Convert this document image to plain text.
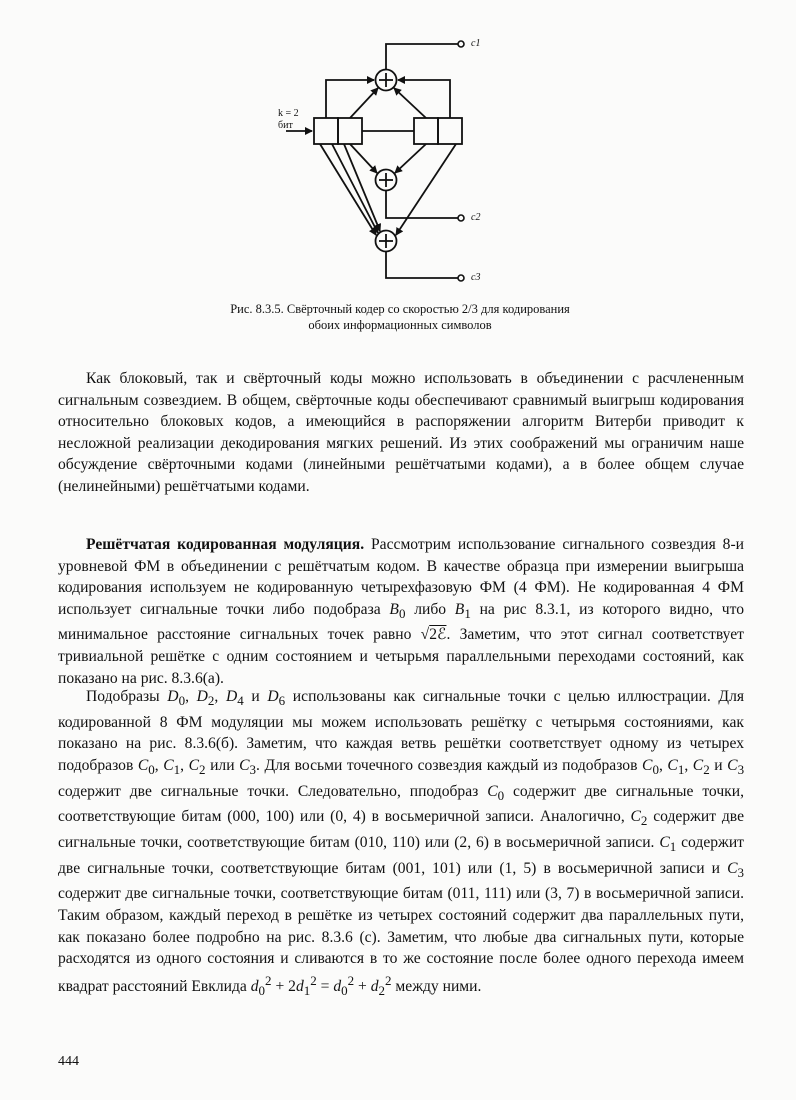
k = 2
бит
c1
c2
c3
Рис. 8.3.5. Свёрточный кодер со скоростью 2/3 для кодирования
обоих информационных символов

Как блоковый, так и свёрточный коды можно использовать в объединении с расчлененным сигнальным созвездием. В общем, свёрточные коды обеспечивают сравнимый выигрыш кодирования относительно блоковых кодов, а имеющийся в распоряжении алгоритм Витерби приводит к несложной реализации декодирования мягких решений. Из этих соображений мы ограничим наше обсуждение свёрточными кодами (линейными решётчатыми кодами), а в более общем случае (нелинейными) решётчатыми кодами.

Решётчатая кодированная модуляция. Рассмотрим использование сигнального созвездия 8-и уровневой ФМ в объединении с решётчатым кодом. В качестве образца при измерении выигрыша кодирования используем не кодированную четырехфазовую ФМ (4 ФМ). Не кодированная 4 ФМ использует сигнальные точки либо подобраза $B_0$ либо $B_1$ на рис 8.3.1, из которого видно, что минимальное расстояние сигнальных точек равно √2ℰ. Заметим, что этот сигнал соответствует тривиальной решётке с одним состоянием и четырьмя параллельными переходами состояний, как показано на рис. 8.3.6(а).

Подобразы $D_0$, $D_2$, $D_4$ и $D_6$ использованы как сигнальные точки с целью иллюстрации. Для кодированной 8 ФМ модуляции мы можем использовать решётку с четырьмя состояниями, как показано на рис. 8.3.6(б). Заметим, что каждая ветвь решётки соответствует одному из четырех подобразов $C_0$, $C_1$, $C_2$ или $C_3$. Для восьми точечного созвездия каждый из подобразов $C_0$, $C_1$, $C_2$ и $C_3$ содержит две сигнальные точки. Следовательно, пподобраз $C_0$ содержит две сигнальные точки, соответствующие битам (000, 100) или (0, 4) в восьмеричной записи. Аналогично, $C_2$ содержит две сигнальные точки, соответствующие битам (010, 110) или (2, 6) в восьмеричной записи. $C_1$ содержит две сигнальные точки, соответствующие битам (001, 101) или (1, 5) в восьмеричной записи и $C_3$ содержит две сигнальные точки, соответствующие битам (011, 111) или (3, 7) в восьмеричной записи. Таким образом, каждый переход в решётке из четырех состояний содержит два параллельных пути, как показано более подробно на рис. 8.3.6 (с). Заметим, что любые два сигнальных пути, которые расходятся из одного состояния и сливаются в то же состояние после более одного перехода имеем квадрат расстояний Евклида $d_0^2 + 2d_1^2 = d_0^2 + d_2^2$ между ними.

444
